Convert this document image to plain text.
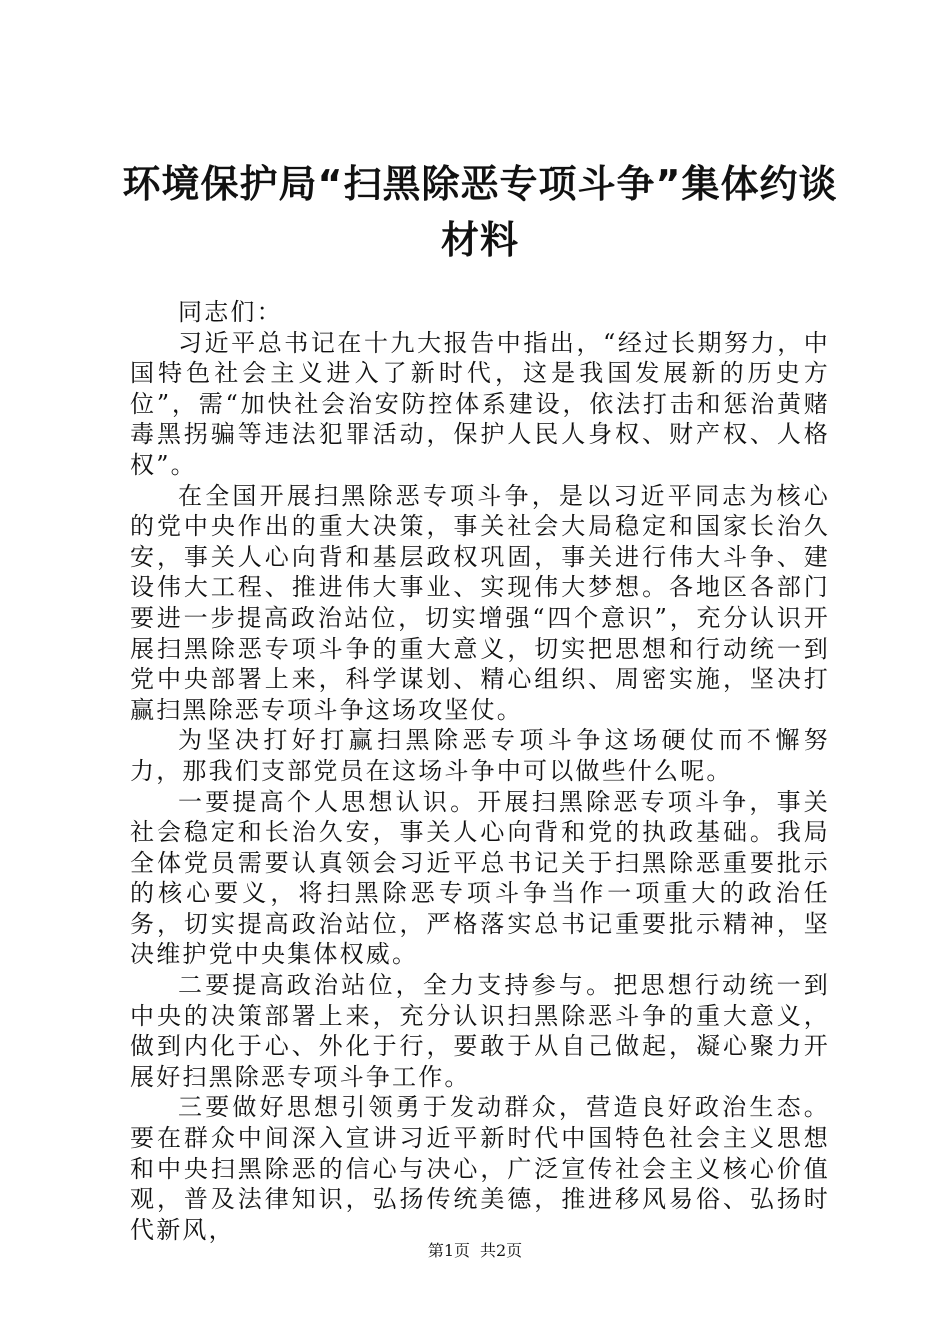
环境保护局“扫黑除恶专项斗争”集体约谈材料

同志们：

习近平总书记在十九大报告中指出，“经过长期努力，中国特色社会主义进入了新时代，这是我国发展新的历史方位”，需“加快社会治安防控体系建设，依法打击和惩治黄赌毒黑拐骗等违法犯罪活动，保护人民人身权、财产权、人格权”。

在全国开展扫黑除恶专项斗争，是以习近平同志为核心的党中央作出的重大决策，事关社会大局稳定和国家长治久安，事关人心向背和基层政权巩固，事关进行伟大斗争、建设伟大工程、推进伟大事业、实现伟大梦想。各地区各部门要进一步提高政治站位，切实增强“四个意识”，充分认识开展扫黑除恶专项斗争的重大意义，切实把思想和行动统一到党中央部署上来，科学谋划、精心组织、周密实施，坚决打赢扫黑除恶专项斗争这场攻坚仗。

为坚决打好打赢扫黑除恶专项斗争这场硬仗而不懈努力，那我们支部党员在这场斗争中可以做些什么呢。

一要提高个人思想认识。开展扫黑除恶专项斗争，事关社会稳定和长治久安，事关人心向背和党的执政基础。我局全体党员需要认真领会习近平总书记关于扫黑除恶重要批示的核心要义，将扫黑除恶专项斗争当作一项重大的政治任务，切实提高政治站位，严格落实总书记重要批示精神，坚决维护党中央集体权威。

二要提高政治站位，全力支持参与。把思想行动统一到中央的决策部署上来，充分认识扫黑除恶斗争的重大意义，做到内化于心、外化于行，要敢于从自己做起，凝心聚力开展好扫黑除恶专项斗争工作。

三要做好思想引领勇于发动群众，营造良好政治生态。要在群众中间深入宣讲习近平新时代中国特色社会主义思想和中央扫黑除恶的信心与决心，广泛宣传社会主义核心价值观，普及法律知识，弘扬传统美德，推进移风易俗、弘扬时代新风，

第1页 共2页
